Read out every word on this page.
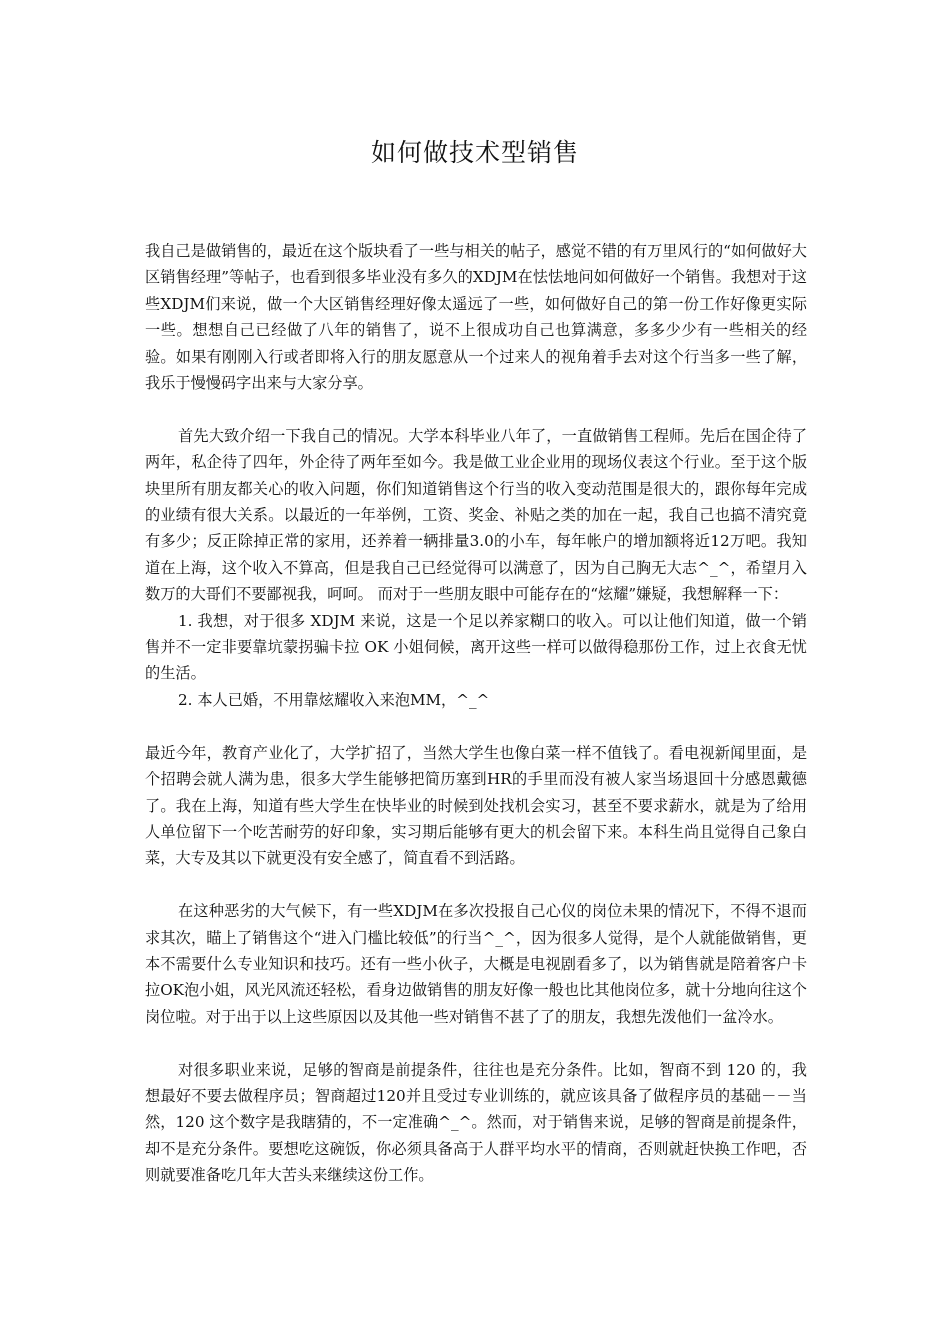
如何做技术型销售

我自己是做销售的，最近在这个版块看了一些与相关的帖子，感觉不错的有万里风行的“如何做好大区销售经理”等帖子，也看到很多毕业没有多久的XDJM在怯怯地问如何做好一个销售。我想对于这些XDJM们来说，做一个大区销售经理好像太遥远了一些，如何做好自己的第一份工作好像更实际一些。想想自己已经做了八年的销售了，说不上很成功自己也算满意，多多少少有一些相关的经验。如果有刚刚入行或者即将入行的朋友愿意从一个过来人的视角着手去对这个行当多一些了解，我乐于慢慢码字出来与大家分享。

首先大致介绍一下我自己的情况。大学本科毕业八年了，一直做销售工程师。先后在国企待了两年，私企待了四年，外企待了两年至如今。我是做工业企业用的现场仪表这个行业。至于这个版块里所有朋友都关心的收入问题，你们知道销售这个行当的收入变动范围是很大的，跟你每年完成的业绩有很大关系。以最近的一年举例，工资、奖金、补贴之类的加在一起，我自己也搞不清究竟有多少；反正除掉正常的家用，还养着一辆排量3.0的小车，每年帐户的增加额将近12万吧。我知道在上海，这个收入不算高，但是我自己已经觉得可以满意了，因为自己胸无大志^_^，希望月入数万的大哥们不要鄙视我，呵呵。 而对于一些朋友眼中可能存在的“炫耀”嫌疑，我想解释一下：

1. 我想，对于很多 XDJM 来说，这是一个足以养家糊口的收入。可以让他们知道，做一个销售并不一定非要靠坑蒙拐骗卡拉 OK 小姐伺候，离开这些一样可以做得稳那份工作，过上衣食无忧的生活。

2. 本人已婚，不用靠炫耀收入来泡MM，^_^

最近今年，教育产业化了，大学扩招了，当然大学生也像白菜一样不值钱了。看电视新闻里面，是个招聘会就人满为患，很多大学生能够把简历塞到HR的手里而没有被人家当场退回十分感恩戴德了。我在上海，知道有些大学生在快毕业的时候到处找机会实习，甚至不要求薪水，就是为了给用人单位留下一个吃苦耐劳的好印象，实习期后能够有更大的机会留下来。本科生尚且觉得自己象白菜，大专及其以下就更没有安全感了，简直看不到活路。

在这种恶劣的大气候下，有一些XDJM在多次投报自己心仪的岗位未果的情况下，不得不退而求其次，瞄上了销售这个“进入门槛比较低”的行当^_^，因为很多人觉得，是个人就能做销售，更本不需要什么专业知识和技巧。还有一些小伙子，大概是电视剧看多了，以为销售就是陪着客户卡拉OK泡小姐，风光风流还轻松，看身边做销售的朋友好像一般也比其他岗位多，就十分地向往这个岗位啦。对于出于以上这些原因以及其他一些对销售不甚了了的朋友，我想先泼他们一盆冷水。

对很多职业来说，足够的智商是前提条件，往往也是充分条件。比如，智商不到 120 的，我想最好不要去做程序员；智商超过120并且受过专业训练的，就应该具备了做程序员的基础－－当然，120 这个数字是我瞎猜的，不一定准确^_^。然而，对于销售来说，足够的智商是前提条件，却不是充分条件。要想吃这碗饭，你必须具备高于人群平均水平的情商，否则就赶快换工作吧，否则就要准备吃几年大苦头来继续这份工作。
